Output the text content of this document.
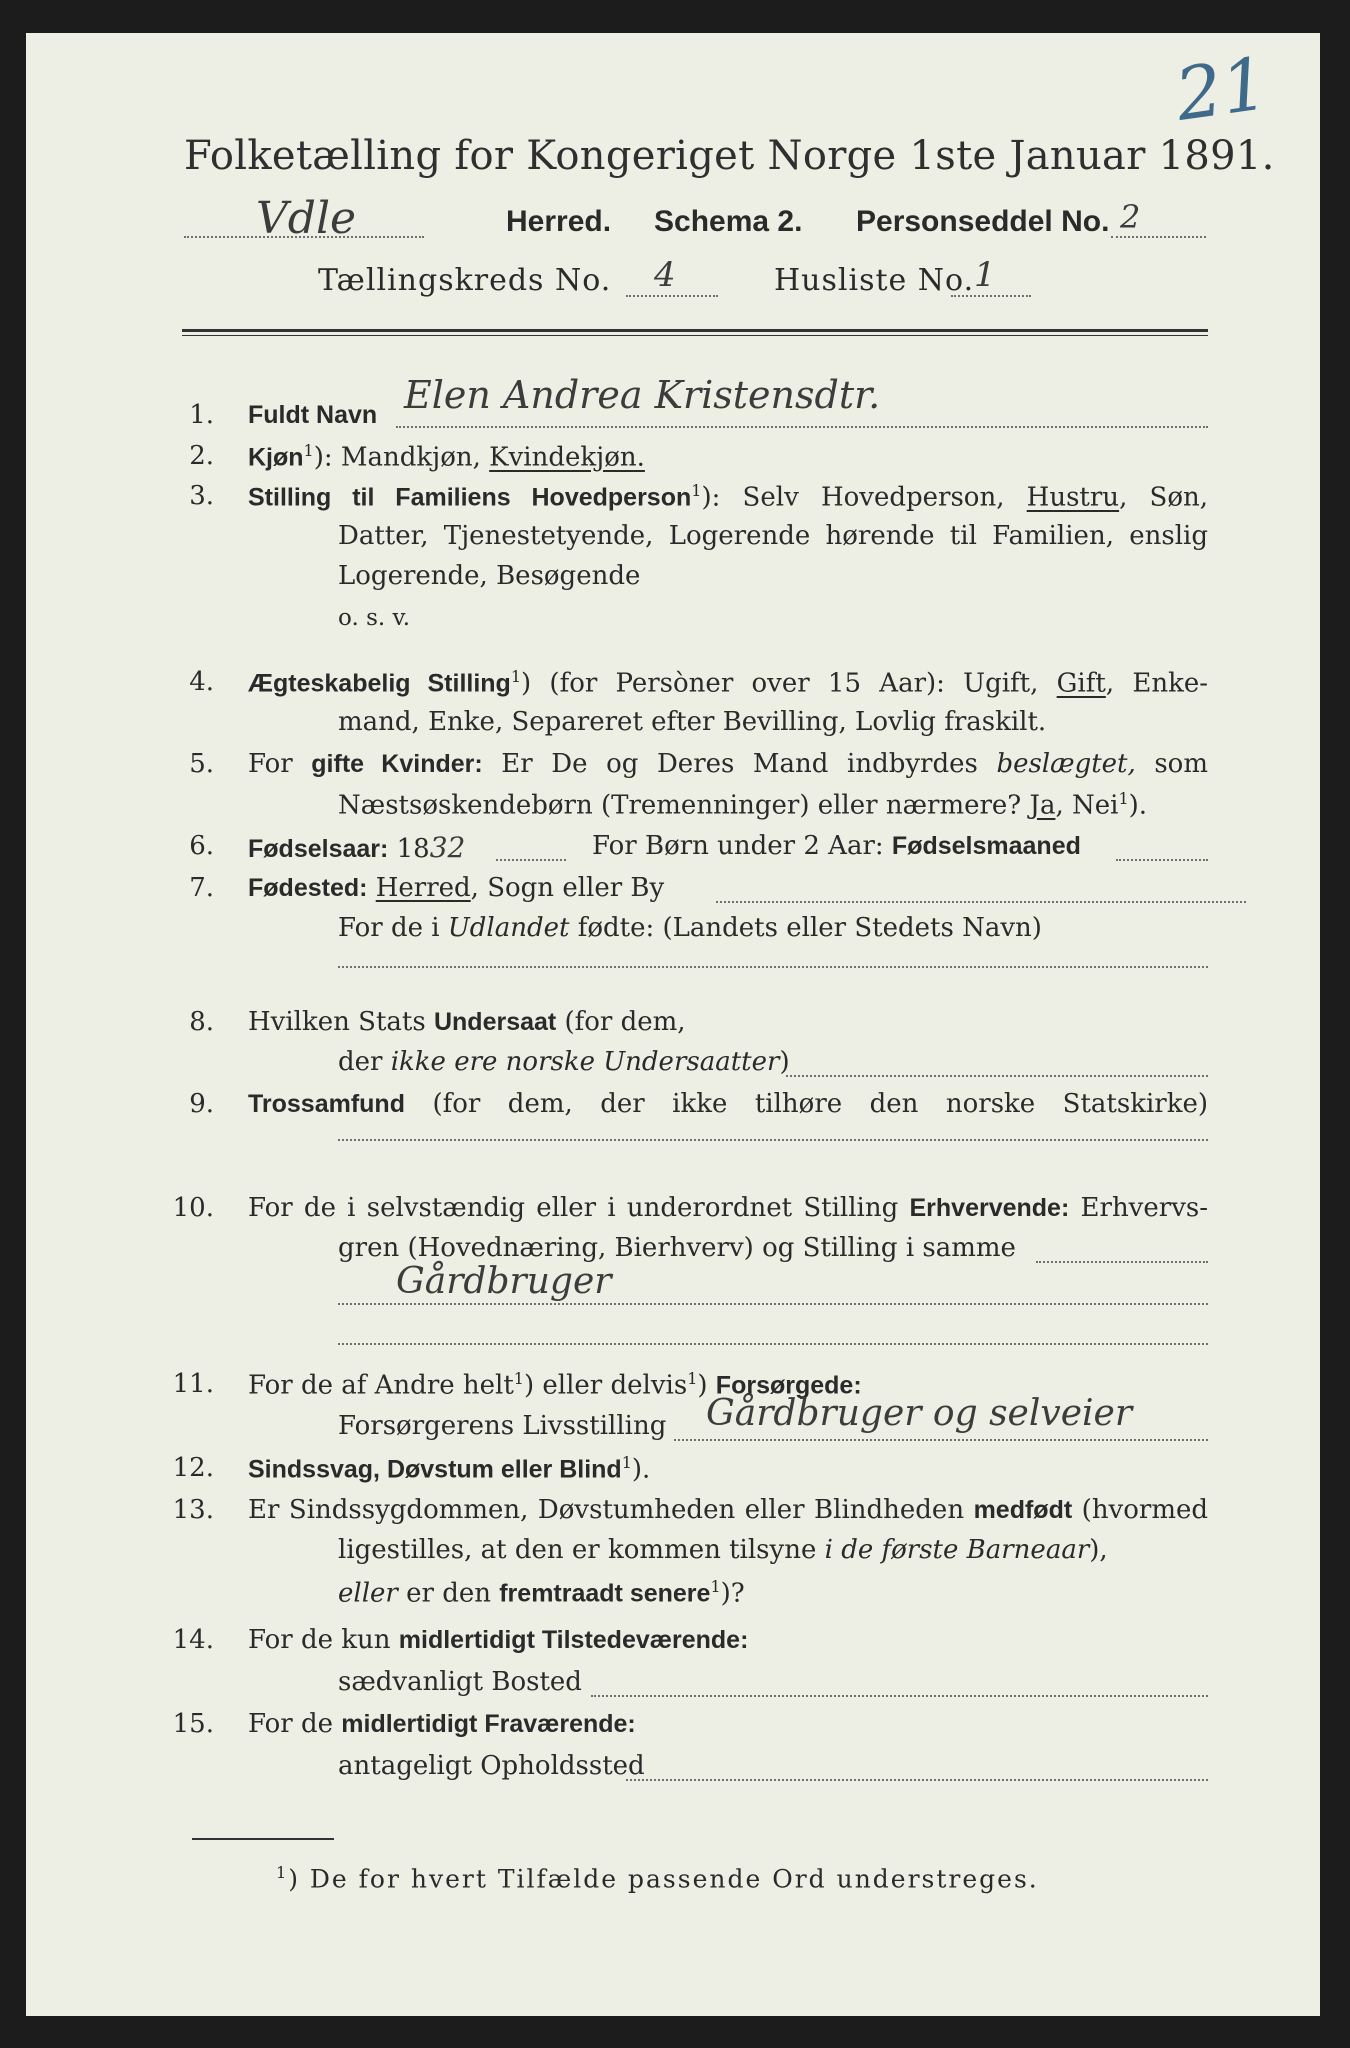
21
Folketælling for Kongeriget Norge 1ste Januar 1891.
Vdle	Herred. Schema 2. Personseddel No. 2
Tællingskreds No. 4	Husliste No. 1
1. Fuldt Navn Elen Andrea Kristensdtr.
2. Kjøn$^1$): Mandkjøn, Kvindekjøn.
3. Stilling til Familiens Hovedperson$^1$): Selv Hovedperson, Hustru, Søn,
Datter, Tjenestetyende, Logerende hørende til Familien, enslig
Logerende, Besøgende
o. s. v.
4. Ægteskabelig Stilling$^1$) (for Persòner over 15 Aar): Ugift, Gift, Enke-
mand, Enke, Separeret efter Bevilling, Lovlig fraskilt.
5. For gifte Kvinder: Er De og Deres Mand indbyrdes beslægtet, som
Næstsøskendebørn (Tremenninger) eller nærmere? Ja, Nei$^1$).
6. Fødselsaar: 1832	For Børn under 2 Aar: Fødselsmaaned
7. Fødested: Herred, Sogn eller By
For de i Udlandet fødte: (Landets eller Stedets Navn)
8. Hvilken Stats Undersaat (for dem,
der ikke ere norske Undersaatter)
9. Trossamfund (for dem, der ikke tilhøre den norske Statskirke)
10. For de i selvstændig eller i underordnet Stilling Erhvervende: Erhvervs-
gren (Hovednæring, Bierhverv) og Stilling i samme
Gårdbruger
11. For de af Andre helt$^1$) eller delvis$^1$) Forsørgede:
Forsørgerens Livsstilling Gårdbruger og selveier
12. Sindssvag, Døvstum eller Blind$^1$).
13. Er Sindssygdommen, Døvstumheden eller Blindheden medfødt (hvormed
ligestilles, at den er kommen tilsyne i de første Barneaar),
eller er den fremtraadt senere$^1$)?
14. For de kun midlertidigt Tilstedeværende:
sædvanligt Bosted
15. For de midlertidigt Fraværende:
antageligt Opholdssted
$^1$) De for hvert Tilfælde passende Ord understreges.
